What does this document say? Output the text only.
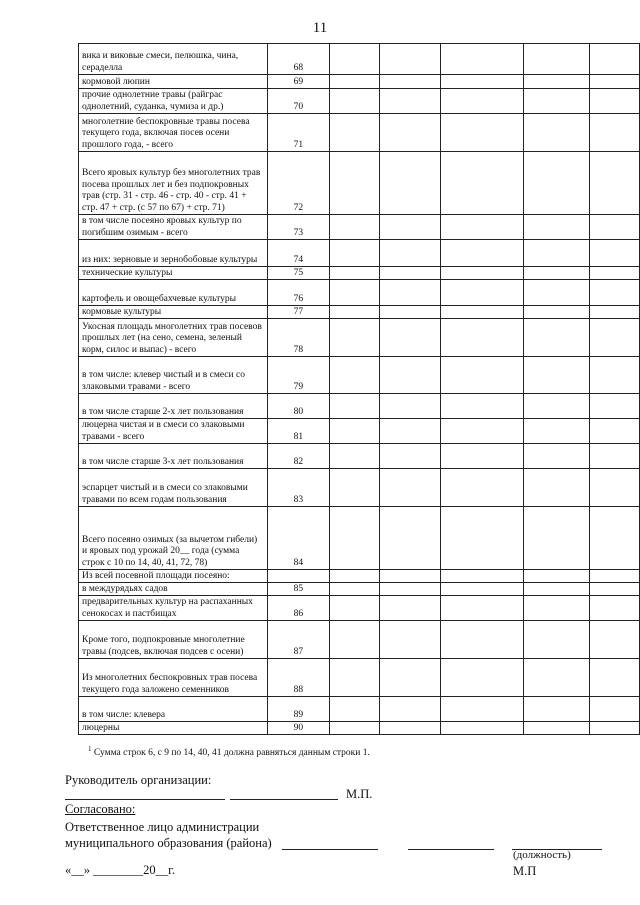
11
вика и виковые смеси, пелюшка, чина, сераделла	68					
кормовой люпин	69					
прочие однолетние травы (райграс однолетний, суданка, чумиза и др.)	70					
многолетние беспокровные травы посева текущего года, включая посев осени прошлого года, - всего	71					
Всего яровых культур без многолетних трав посева прошлых лет и без подпокровных трав (стр. 31 - стр. 46 - стр. 40 - стр. 41 + стр. 47 + стр. (с 57 по 67) + стр. 71)	72					
в том числе посеяно яровых культур по погибшим озимым - всего	73					
из них: зерновые и зернобобовые культуры	74					
технические культуры	75					
картофель и овощебахчевые культуры	76					
кормовые культуры	77					
Укосная площадь многолетних трав посевов прошлых лет (на сено, семена, зеленый корм, силос и выпас) - всего	78					
в том числе: клевер чистый и в смеси со злаковыми травами - всего	79					
в том числе старше 2-х лет пользования	80					
люцерна чистая и в смеси со злаковыми травами - всего	81					
в том числе старше 3-х лет пользования	82					
эспарцет чистый и в смеси со злаковыми травами по всем годам пользования	83					
Всего посеяно озимых (за вычетом гибели) и яровых под урожай 20__ года (сумма строк с 10 по 14, 40, 41, 72, 78)	84					
Из всей посевной площади посеяно:						
в междурядьях садов	85					
предварительных культур на распаханных сенокосах и пастбищах	86					
Кроме того, подпокровные многолетние травы (подсев, включая подсев с осени)	87					
Из многолетних беспокровных трав посева текущего года заложено семенников	88					
в том числе: клевера	89					
люцерны	90					
$^1$ Сумма строк 6, с 9 по 14, 40, 41 должна равняться данным строки 1.
Руководитель организации:
М.П.
Согласовано:
Ответственное лицо администрации
муниципального образования (района)
(должность)
М.П
«__» ________20__г.
